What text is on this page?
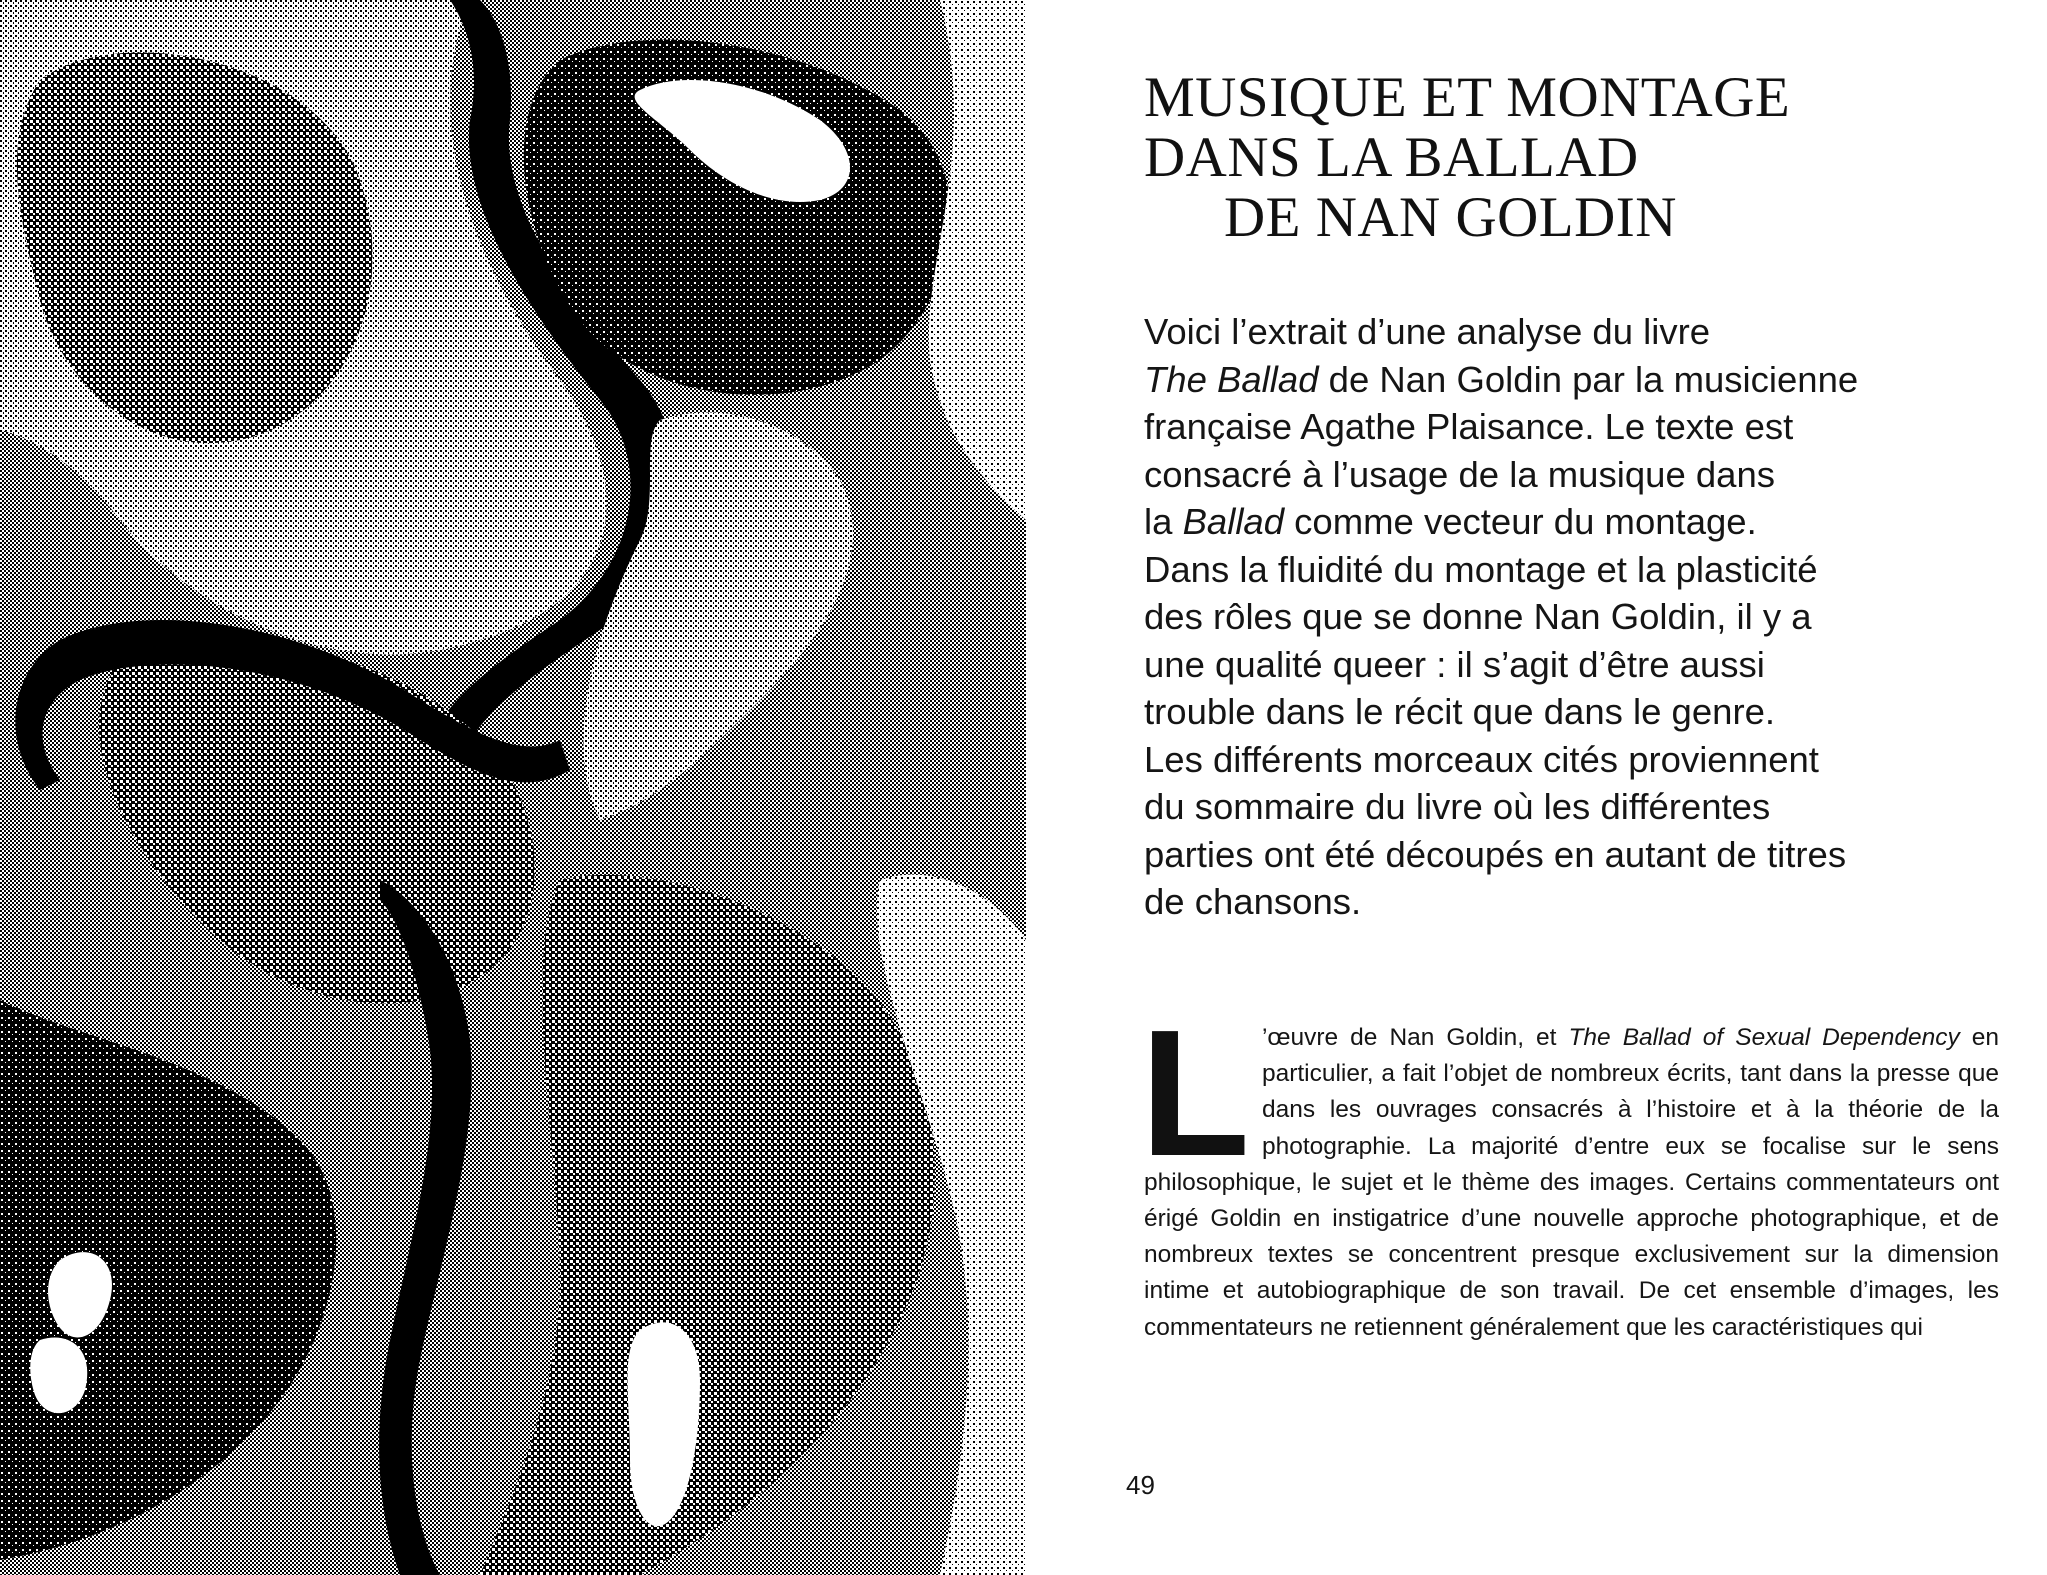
MUSIQUE ET MONTAGE
DANS LA BALLAD
DE NAN GOLDIN
Voici l’extrait d’une analyse du livre
The Ballad de Nan Goldin par la musicienne
française Agathe Plaisance. Le texte est
consacré à l’usage de la musique dans
la Ballad comme vecteur du montage.
Dans la fluidité du montage et la plasticité
des rôles que se donne Nan Goldin, il y a
une qualité queer : il s’agit d’être aussi
trouble dans le récit que dans le genre.
Les différents morceaux cités proviennent
du sommaire du livre où les différentes
parties ont été découpés en autant de titres
de chansons.
L ’œuvre de Nan Goldin, et The Ballad of Sexual Dependency en particulier, a fait l’objet de nombreux écrits, tant dans la presse que dans les ouvrages consacrés à l’histoire et à la théorie de la photographie. La majorité d’entre eux se focalise sur le sens philosophique, le sujet et le thème des images. Certains commentateurs ont érigé Goldin en instigatrice d’une nouvelle approche photographique, et de nombreux textes se concentrent presque exclusivement sur la dimension intime et autobiographique de son travail. De cet ensemble d’images, les commentateurs ne retiennent généralement que les caractéristiques qui
49
